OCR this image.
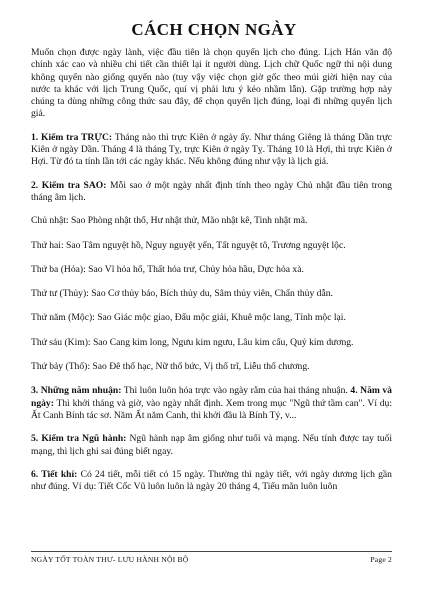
CÁCH CHỌN NGÀY

Muốn chọn được ngày lành, việc đầu tiên là chọn quyển lịch cho đúng. Lịch Hán văn độ chính xác cao và nhiều chi tiết cần thiết lại ít người dùng. Lịch chữ Quốc ngữ thì nội dung không quyển nào giống quyển nào (tuy vậy việc chọn giờ gốc theo múi giời hiện nay của nước ta khác với lịch Trung Quốc, quí vị phải lưu ý kẻo nhầm lẫn). Gặp trường hợp này chúng ta dùng những công thức sau đây, để chọn quyển lịch đúng, loại đi những quyển lịch giả.

1. Kiểm tra TRỰC: Tháng nào thì trực Kiên ở ngày ấy. Như tháng Giêng là tháng Dần trực Kiên ở ngày Dần. Tháng 4 là tháng Tỵ, trực Kiên ở ngày Tỵ. Tháng 10 là Hợi, thì trực Kiên ở Hợi. Từ đó ta tính lần tới các ngày khác. Nếu không đúng như vậy là lịch giả.

2. Kiểm tra SAO: Mỗi sao ở một ngày nhất định tính theo ngày Chủ nhật đầu tiên trong tháng âm lịch.

Chủ nhật: Sao Phòng nhật thố, Hư nhật thử, Mão nhật kê, Tinh nhật mã.

Thứ hai: Sao Tâm nguyệt hồ, Nguy nguyệt yến, Tất nguyệt tô, Trương nguyệt lộc.

Thứ ba (Hỏa): Sao Vĩ hỏa hổ, Thất hỏa trư, Chủy hỏa hầu, Dực hỏa xà.

Thứ tư (Thủy): Sao Cơ thủy báo, Bích thủy du, Sâm thủy viên, Chẩn thủy dẫn.

Thứ năm (Mộc): Sao Giác mộc giao, Đẩu mộc giải, Khuê mộc lang, Tỉnh mộc lại.

Thứ sáu (Kim): Sao Cang kim long, Ngưu kim ngưu, Lâu kim cẩu, Quỷ kim dương.

Thứ bảy (Thổ): Sao Đê thổ hạc, Nữ thổ bức, Vị thổ trĩ, Liễu thổ chương.

3. Những năm nhuận: Thì luôn luôn hóa trực vào ngày rằm của hai tháng nhuận. 4. Năm và ngày: Thì khởi tháng và giờ, vào ngày nhất định. Xem trong mục "Ngũ thứ tầm can". Ví dụ: Ất Canh Bính tác sơ. Năm Ất năm Canh, thì khởi đầu là Bính Tý, v...

5. Kiểm tra Ngũ hành: Ngũ hành nạp âm giống như tuổi và mạng. Nếu tính được tay tuổi mạng, thì lịch ghi sai đúng biết ngay.

6. Tiết khí: Có 24 tiết, mỗi tiết có 15 ngày. Thường thì ngày tiết, với ngày dương lịch gần như đúng. Ví dụ: Tiết Cốc Vũ luôn luôn là ngày 20 tháng 4, Tiểu mãn luôn luôn

NGÀY TỐT TOÀN THƯ- LƯU HÀNH NỘI BỘ	Page 2
